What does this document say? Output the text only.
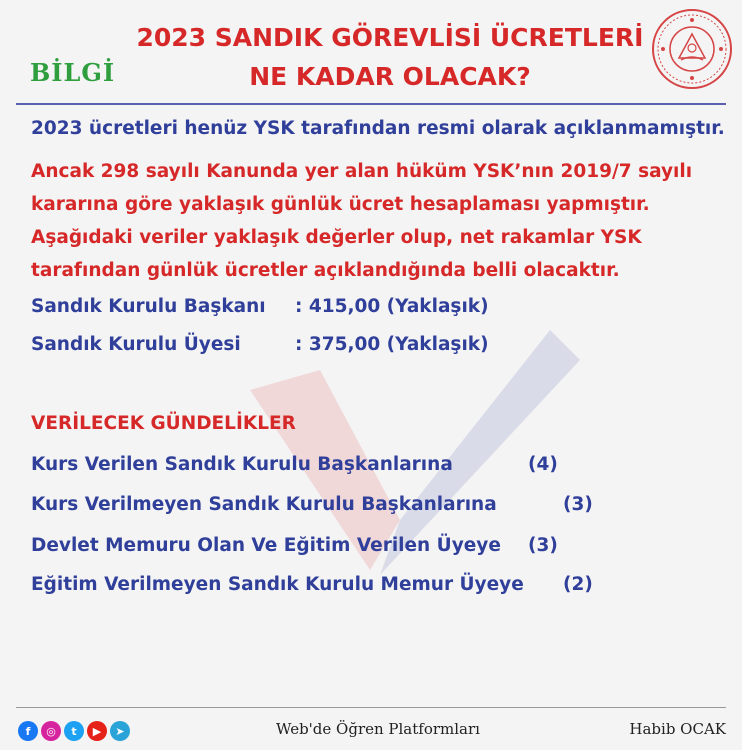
BİLGİ
2023 SANDIK GÖREVLİSİ ÜCRETLERİ
NE KADAR OLACAK?
2023 ücretleri henüz YSK tarafından resmi olarak açıklanmamıştır.
Ancak 298 sayılı Kanunda yer alan hüküm YSK’nın 2019/7 sayılı
kararına göre yaklaşık günlük ücret hesaplaması yapmıştır.
Aşağıdaki veriler yaklaşık değerler olup, net rakamlar YSK
tarafından günlük ücretler açıklandığında belli olacaktır.
Sandık Kurulu Başkanı : 415,00 (Yaklaşık)
Sandık Kurulu Üyesi	: 375,00 (Yaklaşık)
VERİLECEK GÜNDELİKLER
Kurs Verilen Sandık Kurulu Başkanlarına	(4)
Kurs Verilmeyen Sandık Kurulu Başkanlarına	(3)
Devlet Memuru Olan Ve Eğitim Verilen Üyeye (3)
Eğitim Verilmeyen Sandık Kurulu Memur Üyeye (2)
f	◎	t	▶	➤	Web'de Öğren Platformları	Habib OCAK
